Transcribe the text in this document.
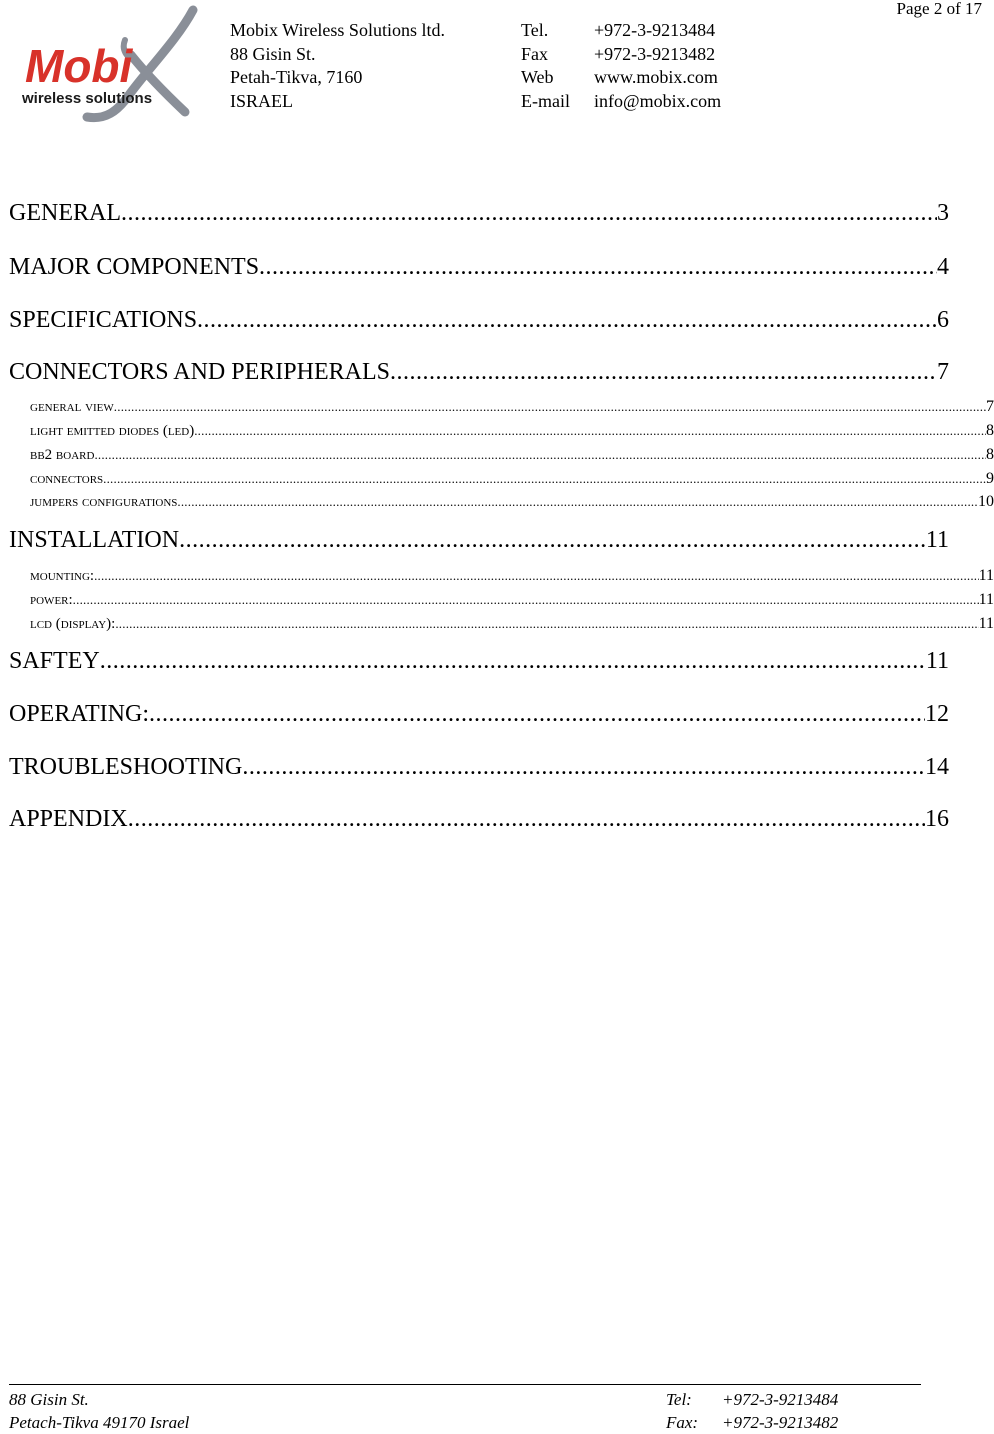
Page 2 of 17
Mobi
wireless solutions
Mobix Wireless Solutions ltd.
88 Gisin St.
Petah-Tikva, 7160
ISRAEL
Tel.	+972-3-9213484
Fax	+972-3-9213482
Web	www.mobix.com
E-mail	info@mobix.com
GENERAL .....	3
MAJOR COMPONENTS .....	4
SPECIFICATIONS .....	6
CONNECTORS AND PERIPHERALS .....	7
general view .....	7
light emitted diodes (led) .....	8
bb2 board .....	8
connectors .....	9
jumpers configurations .....	10
INSTALLATION .....	11
mounting: .....	11
power: .....	11
lcd (display): .....	11
SAFTEY .....	11
OPERATING: .....	12
TROUBLESHOOTING .....	14
APPENDIX .....	16
88 Gisin St.
Petach-Tikva 49170 Israel
Tel:	+972-3-9213484
Fax:	+972-3-9213482
